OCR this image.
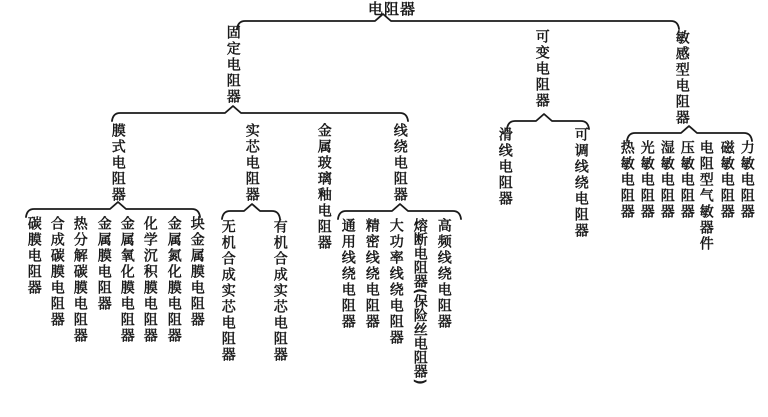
电阻器
固定电阻器	可变电阻器	敏感型电阻器
膜式电阻器	实芯电阻器	金属玻璃釉电阻器	线绕电阻器
碳膜电阻器 合成碳膜电阻器 热分解碳膜电阻器 金属膜电阻器 金属氧化膜电阻器 化学沉积膜电阻器 金属氮化膜电阻器 块金属膜电阻器 无机合成实芯电阻器	有机合成实芯电阻器	通用线绕电阻器 精密线绕电阻器 大功率线绕电阻器 熔断电阻器(保险丝电阻器) 高频线绕电阻器
滑线电阻器	可调线绕电阻器 热敏电阻器 光敏电阻器 湿敏电阻器 压敏电阻器 电阻型气敏器件 磁敏电阻器 力敏电阻器
